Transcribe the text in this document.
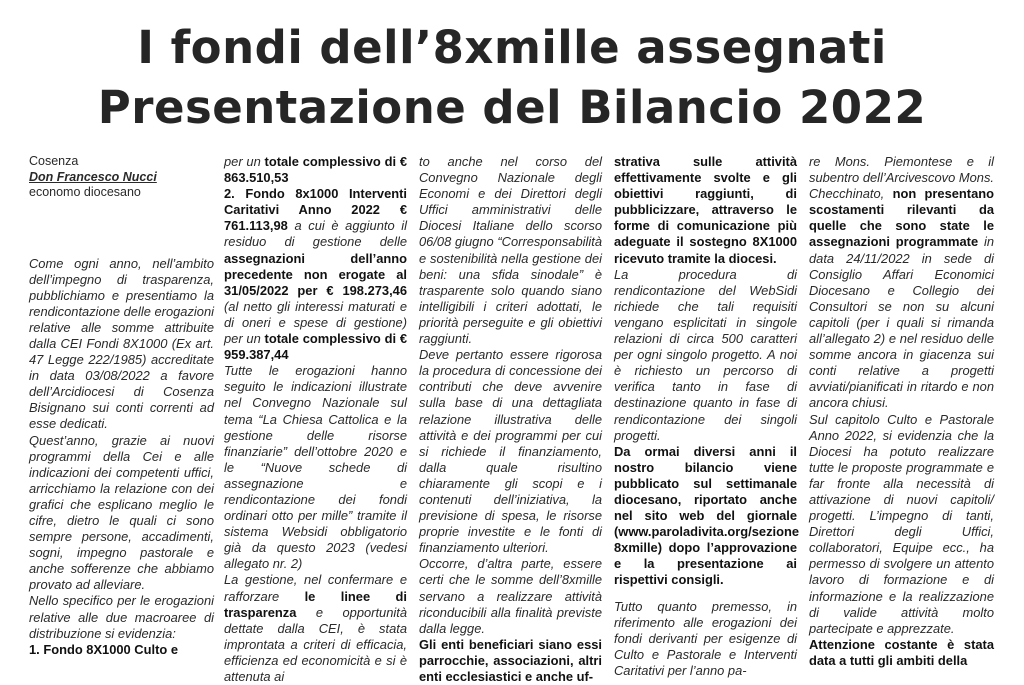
I fondi dell’8xmille assegnati
Presentazione del Bilancio 2022
Cosenza
Don Francesco Nucci
economo diocesano

Come ogni anno, nell’ambito dell’impegno di trasparenza, pubblichiamo e presentiamo la rendicontazione delle erogazioni relative alle somme attribuite dalla CEI Fondi 8X1000 (Ex art. 47 Legge 222/1985) accreditate in data 03/08/2022 a favore dell’Arcidiocesi di Cosenza Bisignano sui conti correnti ad esse dedicati.

Quest’anno, grazie ai nuovi programmi della Cei e alle indicazioni dei competenti uffici, arricchiamo la relazione con dei grafici che esplicano meglio le cifre, dietro le quali ci sono sempre persone, accadimenti, sogni, impegno pastorale e anche sofferenze che abbiamo provato ad alleviare.

Nello specifico per le erogazioni relative alle due macroaree di distribuzione si evidenzia:

1. Fondo 8X1000 Culto e

per un totale complessivo di € 863.510,53

2. Fondo 8x1000 Interventi Caritativi Anno 2022 € 761.113,98 a cui è aggiunto il residuo di gestione delle assegnazioni dell’anno precedente non erogate al 31/05/2022 per € 198.273,46 (al netto gli interessi maturati e di oneri e spese di gestione) per un totale complessivo di € 959.387,44

Tutte le erogazioni hanno seguito le indicazioni illustrate nel Convegno Nazionale sul tema “La Chiesa Cattolica e la gestione delle risorse finanziarie” dell’ottobre 2020 e le “Nuove schede di assegnazione e rendicontazione dei fondi ordinari otto per mille” tramite il sistema Websidi obbligatorio già da questo 2023 (vedesi allegato nr. 2)

La gestione, nel confermare e rafforzare le linee di trasparenza e opportunità dettate dalla CEI, è stata improntata a criteri di efficacia, efficienza ed economicità e si è attenuta ai

to anche nel corso del Convegno Nazionale degli Economi e dei Direttori degli Uffici amministrativi delle Diocesi Italiane dello scorso 06/08 giugno “Corresponsabilità e sostenibilità nella gestione dei beni: una sfida sinodale” è trasparente solo quando siano intelligibili i criteri adottati, le priorità perseguite e gli obiettivi raggiunti.

Deve pertanto essere rigorosa la procedura di concessione dei contributi che deve avvenire sulla base di una dettagliata relazione illustrativa delle attività e dei programmi per cui si richiede il finanziamento, dalla quale risultino chiaramente gli scopi e i contenuti dell’iniziativa, la previsione di spesa, le risorse proprie investite e le fonti di finanziamento ulteriori.

Occorre, d’altra parte, essere certi che le somme dell’8xmille servano a realizzare attività riconducibili alla finalità previste dalla legge.

Gli enti beneficiari siano essi parrocchie, associazioni, altri enti ecclesiastici e anche uf-

strativa sulle attività effettivamente svolte e gli obiettivi raggiunti, di pubblicizzare, attraverso le forme di comunicazione più adeguate il sostegno 8X1000 ricevuto tramite la diocesi.

La procedura di rendicontazione del WebSidi richiede che tali requisiti vengano esplicitati in singole relazioni di circa 500 caratteri per ogni singolo progetto. A noi è richiesto un percorso di verifica tanto in fase di destinazione quanto in fase di rendicontazione dei singoli progetti.

Da ormai diversi anni il nostro bilancio viene pubblicato sul settimanale diocesano, riportato anche nel sito web del giornale (www.paroladivita.org/sezione 8xmille) dopo l’approvazione e la presentazione ai rispettivi consigli.

Tutto quanto premesso, in riferimento alle erogazioni dei fondi derivanti per esigenze di Culto e Pastorale e Interventi Caritativi per l’anno pa-

re Mons. Piemontese e il subentro dell’Arcivescovo Mons. Checchinato, non presentano scostamenti rilevanti da quelle che sono state le assegnazioni programmate in data 24/11/2022 in sede di Consiglio Affari Economici Diocesano e Collegio dei Consultori se non su alcuni capitoli (per i quali si rimanda all’allegato 2) e nel residuo delle somme ancora in giacenza sui conti relative a progetti avviati/pianificati in ritardo e non ancora chiusi.

Sul capitolo Culto e Pastorale Anno 2022, si evidenzia che la Diocesi ha potuto realizzare tutte le proposte programmate e far fronte alla necessità di attivazione di nuovi capitoli/ progetti. L’impegno di tanti, Direttori degli Uffici, collaboratori, Equipe ecc., ha permesso di svolgere un attento lavoro di formazione e di informazione e la realizzazione di valide attività molto partecipate e apprezzate.

Attenzione costante è stata data a tutti gli ambiti della
